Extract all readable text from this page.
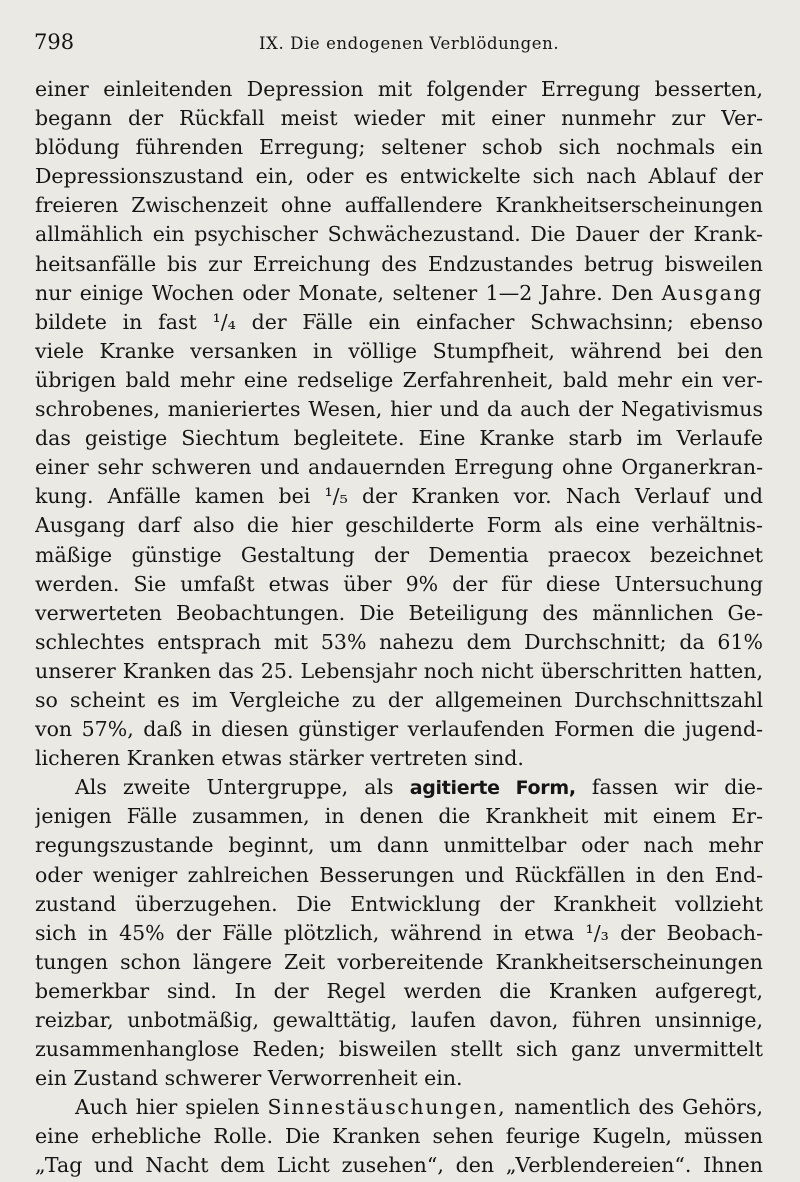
798	IX. Die endogenen Verblödungen.
einer einleitenden Depression mit folgender Erregung besserten,
begann der Rückfall meist wieder mit einer nunmehr zur Ver-
blödung führenden Erregung; seltener schob sich nochmals ein
Depressionszustand ein, oder es entwickelte sich nach Ablauf der
freieren Zwischenzeit ohne auffallendere Krankheitserscheinungen
allmählich ein psychischer Schwächezustand. Die Dauer der Krank-
heitsanfälle bis zur Erreichung des Endzustandes betrug bisweilen
nur einige Wochen oder Monate, seltener 1—2 Jahre. Den Ausgang
bildete in fast ¹/₄ der Fälle ein einfacher Schwachsinn; ebenso
viele Kranke versanken in völlige Stumpfheit, während bei den
übrigen bald mehr eine redselige Zerfahrenheit, bald mehr ein ver-
schrobenes, manieriertes Wesen, hier und da auch der Negativismus
das geistige Siechtum begleitete. Eine Kranke starb im Verlaufe
einer sehr schweren und andauernden Erregung ohne Organerkran-
kung. Anfälle kamen bei ¹/₅ der Kranken vor. Nach Verlauf und
Ausgang darf also die hier geschilderte Form als eine verhältnis-
mäßige günstige Gestaltung der Dementia praecox bezeichnet
werden. Sie umfaßt etwas über 9% der für diese Untersuchung
verwerteten Beobachtungen. Die Beteiligung des männlichen Ge-
schlechtes entsprach mit 53% nahezu dem Durchschnitt; da 61%
unserer Kranken das 25. Lebensjahr noch nicht überschritten hatten,
so scheint es im Vergleiche zu der allgemeinen Durchschnittszahl
von 57%, daß in diesen günstiger verlaufenden Formen die jugend-
licheren Kranken etwas stärker vertreten sind.
Als zweite Untergruppe, als agitierte Form, fassen wir die-
jenigen Fälle zusammen, in denen die Krankheit mit einem Er-
regungszustande beginnt, um dann unmittelbar oder nach mehr
oder weniger zahlreichen Besserungen und Rückfällen in den End-
zustand überzugehen. Die Entwicklung der Krankheit vollzieht
sich in 45% der Fälle plötzlich, während in etwa ¹/₃ der Beobach-
tungen schon längere Zeit vorbereitende Krankheitserscheinungen
bemerkbar sind. In der Regel werden die Kranken aufgeregt,
reizbar, unbotmäßig, gewalttätig, laufen davon, führen unsinnige,
zusammenhanglose Reden; bisweilen stellt sich ganz unvermittelt
ein Zustand schwerer Verworrenheit ein.
Auch hier spielen Sinnestäuschungen, namentlich des Gehörs,
eine erhebliche Rolle. Die Kranken sehen feurige Kugeln, müssen
„Tag und Nacht dem Licht zusehen“, den „Verblendereien“. Ihnen
